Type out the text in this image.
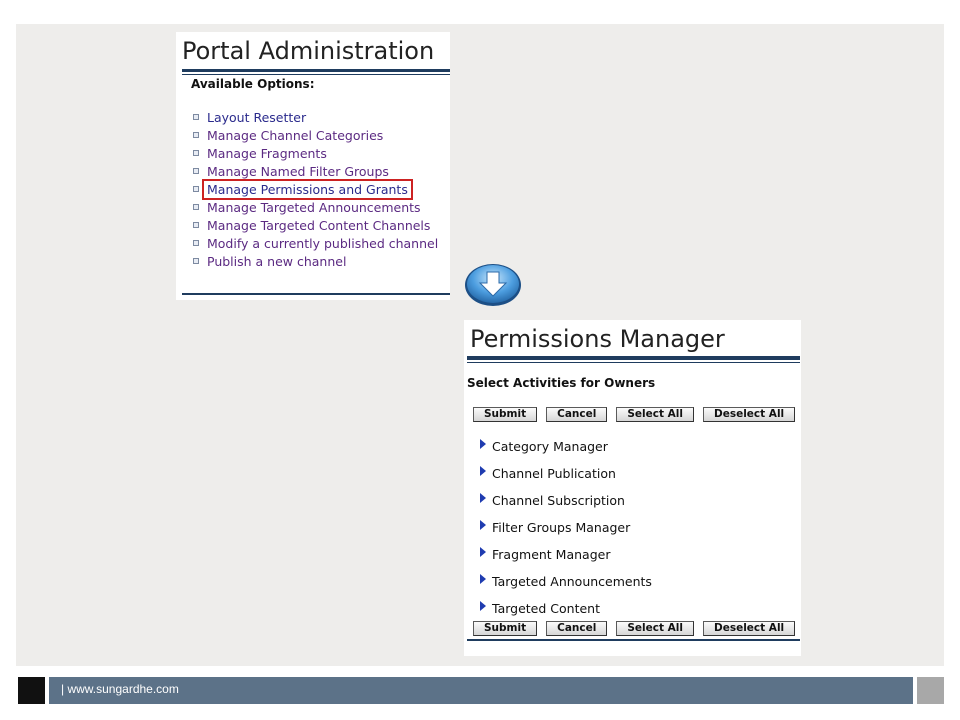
Portal Administration
Available Options:
Layout Resetter
Manage Channel Categories
Manage Fragments
Manage Named Filter Groups
Manage Permissions and Grants
Manage Targeted Announcements
Manage Targeted Content Channels
Modify a currently published channel
Publish a new channel
Permissions Manager
Select Activities for Owners
Submit	Cancel	Select All	Deselect All
Category Manager
Channel Publication
Channel Subscription
Filter Groups Manager
Fragment Manager
Targeted Announcements
Targeted Content
Submit	Cancel	Select All	Deselect All
| www.sungardhe.com
